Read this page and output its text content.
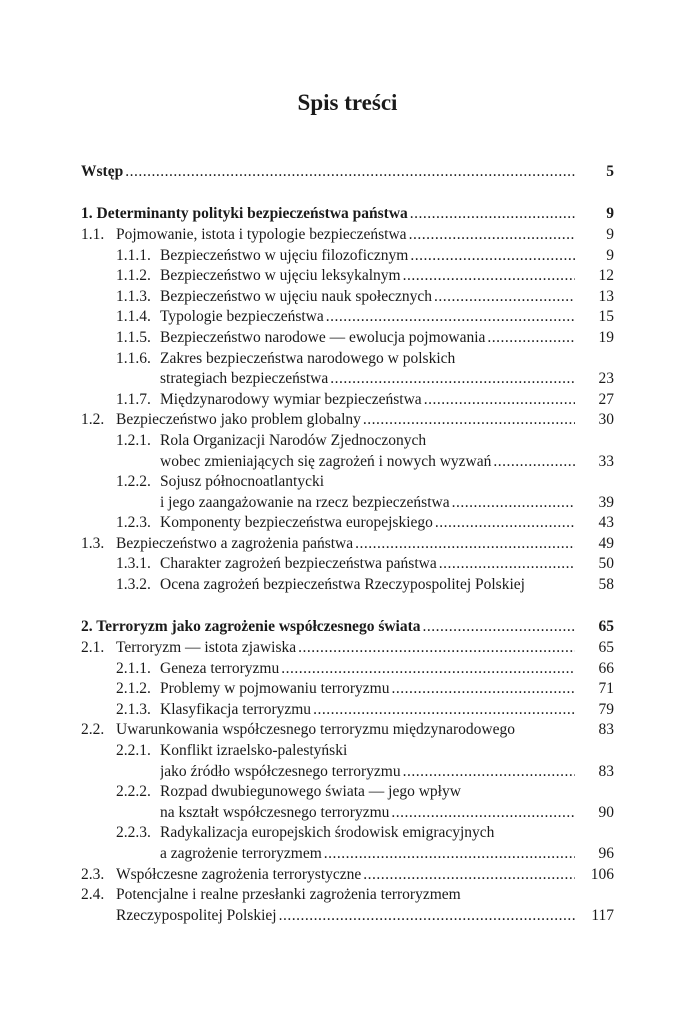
Spis treści
Wstęp .....	5
1. Determinanty polityki bezpieczeństwa państwa .....	9
1.1. Pojmowanie, istota i typologie bezpieczeństwa .....	9
1.1.1. Bezpieczeństwo w ujęciu filozoficznym .....	9
1.1.2. Bezpieczeństwo w ujęciu leksykalnym .....	12
1.1.3. Bezpieczeństwo w ujęciu nauk społecznych .....	13
1.1.4. Typologie bezpieczeństwa .....	15
1.1.5. Bezpieczeństwo narodowe — ewolucja pojmowania .....	19
1.1.6. Zakres bezpieczeństwa narodowego w polskich
strategiach bezpieczeństwa .....	23
1.1.7. Międzynarodowy wymiar bezpieczeństwa .....	27
1.2. Bezpieczeństwo jako problem globalny .....	30
1.2.1. Rola Organizacji Narodów Zjednoczonych
wobec zmieniających się zagrożeń i nowych wyzwań .....	33
1.2.2. Sojusz północnoatlantycki
i jego zaangażowanie na rzecz bezpieczeństwa .....	39
1.2.3. Komponenty bezpieczeństwa europejskiego .....	43
1.3. Bezpieczeństwo a zagrożenia państwa .....	49
1.3.1. Charakter zagrożeń bezpieczeństwa państwa .....	50
1.3.2. Ocena zagrożeń bezpieczeństwa Rzeczypospolitej Polskiej	58
2. Terroryzm jako zagrożenie współczesnego świata .....	65
2.1. Terroryzm — istota zjawiska .....	65
2.1.1. Geneza terroryzmu .....	66
2.1.2. Problemy w pojmowaniu terroryzmu .....	71
2.1.3. Klasyfikacja terroryzmu .....	79
2.2. Uwarunkowania współczesnego terroryzmu międzynarodowego	83
2.2.1. Konflikt izraelsko-palestyński
jako źródło współczesnego terroryzmu .....	83
2.2.2. Rozpad dwubiegunowego świata — jego wpływ
na kształt współczesnego terroryzmu .....	90
2.2.3. Radykalizacja europejskich środowisk emigracyjnych
a zagrożenie terroryzmem .....	96
2.3. Współczesne zagrożenia terrorystyczne .....	106
2.4. Potencjalne i realne przesłanki zagrożenia terroryzmem
Rzeczypospolitej Polskiej .....	117
